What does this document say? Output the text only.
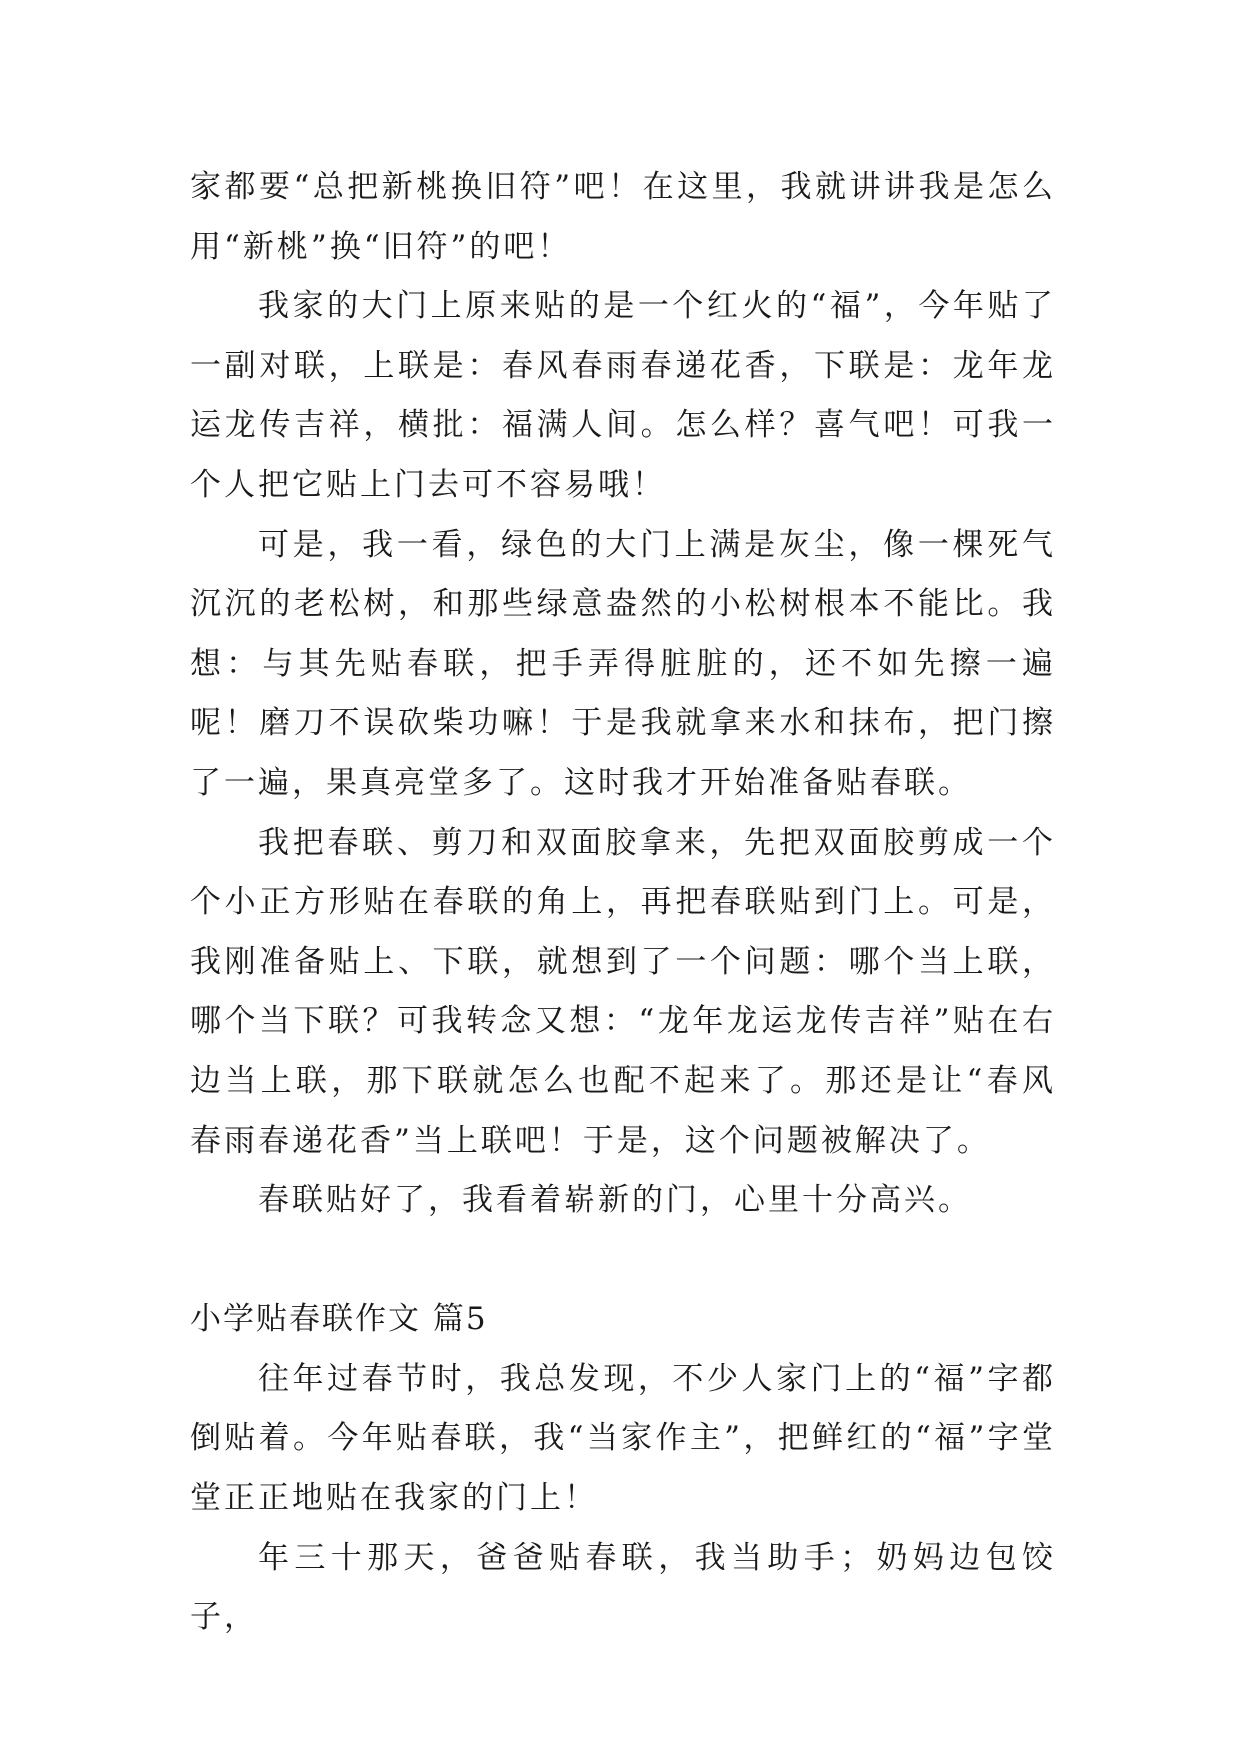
家都要“总把新桃换旧符”吧！在这里，我就讲讲我是怎么用“新桃”换“旧符”的吧！

我家的大门上原来贴的是一个红火的“福”，今年贴了一副对联，上联是：春风春雨春递花香，下联是：龙年龙运龙传吉祥，横批：福满人间。怎么样？喜气吧！可我一个人把它贴上门去可不容易哦！

可是，我一看，绿色的大门上满是灰尘，像一棵死气沉沉的老松树，和那些绿意盎然的小松树根本不能比。我想：与其先贴春联，把手弄得脏脏的，还不如先擦一遍呢！磨刀不误砍柴功嘛！于是我就拿来水和抹布，把门擦了一遍，果真亮堂多了。这时我才开始准备贴春联。

我把春联、剪刀和双面胶拿来，先把双面胶剪成一个个小正方形贴在春联的角上，再把春联贴到门上。可是，我刚准备贴上、下联，就想到了一个问题：哪个当上联，哪个当下联？可我转念又想：“龙年龙运龙传吉祥”贴在右边当上联，那下联就怎么也配不起来了。那还是让“春风春雨春递花香”当上联吧！于是，这个问题被解决了。

春联贴好了，我看着崭新的门，心里十分高兴。

小学贴春联作文 篇5

往年过春节时，我总发现，不少人家门上的“福”字都倒贴着。今年贴春联，我“当家作主”，把鲜红的“福”字堂堂正正地贴在我家的门上！

年三十那天，爸爸贴春联，我当助手；奶妈边包饺子，
